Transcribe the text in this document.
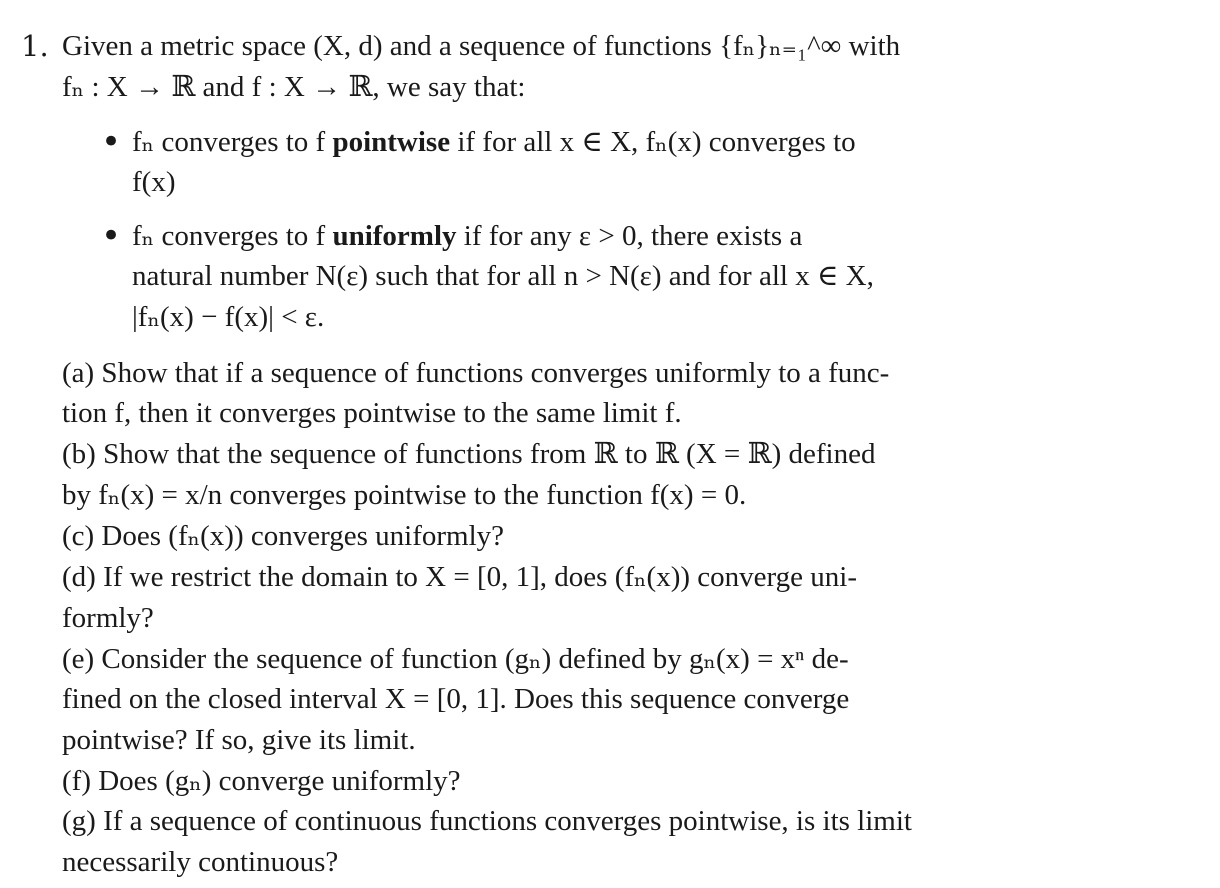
1. Given a metric space (X, d) and a sequence of functions {fₙ}ₙ₌₁^∞ with
fₙ : X → ℝ and f : X → ℝ, we say that:
• fₙ converges to f pointwise if for all x ∈ X, fₙ(x) converges to
f(x)
• fₙ converges to f uniformly if for any ε > 0, there exists a
natural number N(ε) such that for all n > N(ε) and for all x ∈ X,
|fₙ(x) − f(x)| < ε.
(a) Show that if a sequence of functions converges uniformly to a func-
tion f, then it converges pointwise to the same limit f.
(b) Show that the sequence of functions from ℝ to ℝ (X = ℝ) defined
by fₙ(x) = x/n converges pointwise to the function f(x) = 0.
(c) Does (fₙ(x)) converges uniformly?
(d) If we restrict the domain to X = [0, 1], does (fₙ(x)) converge uni-
formly?
(e) Consider the sequence of function (gₙ) defined by gₙ(x) = xⁿ de-
fined on the closed interval X = [0, 1]. Does this sequence converge
pointwise? If so, give its limit.
(f) Does (gₙ) converge uniformly?
(g) If a sequence of continuous functions converges pointwise, is its limit
necessarily continuous?
